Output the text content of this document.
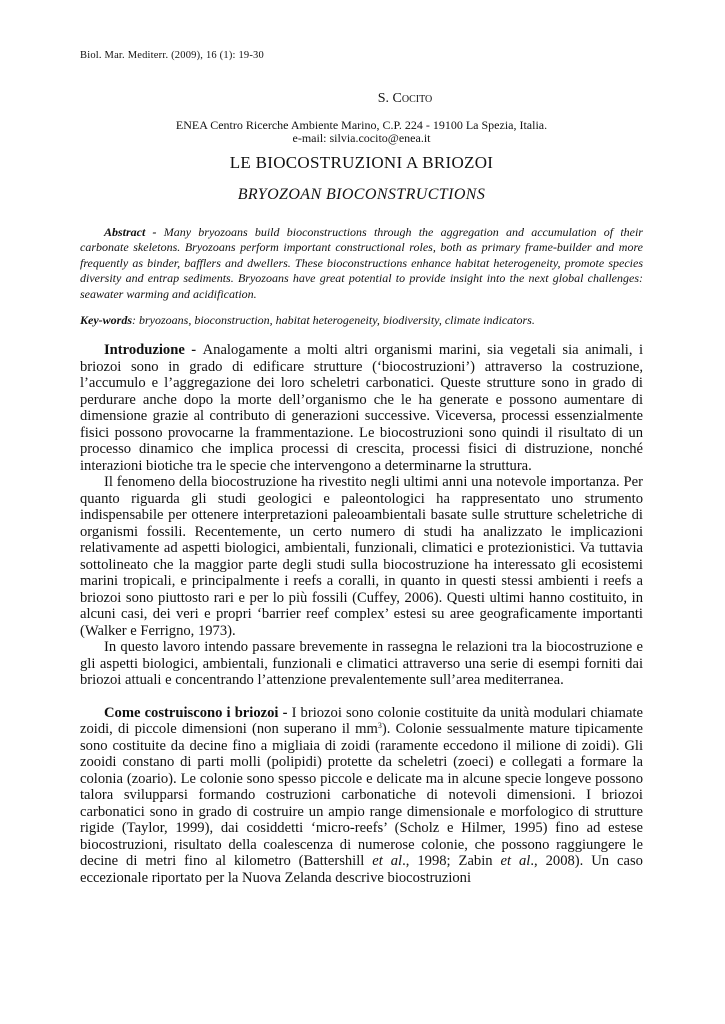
Biol. Mar. Mediterr. (2009), 16 (1): 19-30
S. Cocito
ENEA Centro Ricerche Ambiente Marino, C.P. 224 - 19100 La Spezia, Italia.
e-mail: silvia.cocito@enea.it
LE BIOCOSTRUZIONI A BRIOZOI
BRYOZOAN BIOCONSTRUCTIONS
Abstract - Many bryozoans build bioconstructions through the aggregation and accumulation of their carbonate skeletons. Bryozoans perform important constructional roles, both as primary frame-builder and more frequently as binder, bafflers and dwellers. These bioconstructions enhance habitat heterogeneity, promote species diversity and entrap sediments. Bryozoans have great potential to provide insight into the next global challenges: seawater warming and acidification.
Key-words: bryozoans, bioconstruction, habitat heterogeneity, biodiversity, climate indicators.

Introduzione - Analogamente a molti altri organismi marini, sia vegetali sia animali, i briozoi sono in grado di edificare strutture (‘biocostruzioni’) attraverso la costruzione, l’accumulo e l’aggregazione dei loro scheletri carbonatici. Queste strutture sono in grado di perdurare anche dopo la morte dell’organismo che le ha generate e possono aumentare di dimensione grazie al contributo di generazioni successive. Viceversa, processi essenzialmente fisici possono provocarne la frammentazione. Le biocostruzioni sono quindi il risultato di un processo dinamico che implica processi di crescita, processi fisici di distruzione, nonché interazioni biotiche tra le specie che intervengono a determinarne la struttura.

Il fenomeno della biocostruzione ha rivestito negli ultimi anni una notevole importanza. Per quanto riguarda gli studi geologici e paleontologici ha rappresentato uno strumento indispensabile per ottenere interpretazioni paleoambientali basate sulle strutture scheletriche di organismi fossili. Recentemente, un certo numero di studi ha analizzato le implicazioni relativamente ad aspetti biologici, ambientali, funzionali, climatici e protezionistici. Va tuttavia sottolineato che la maggior parte degli studi sulla biocostruzione ha interessato gli ecosistemi marini tropicali, e principalmente i reefs a coralli, in quanto in questi stessi ambienti i reefs a briozoi sono piuttosto rari e per lo più fossili (Cuffey, 2006). Questi ultimi hanno costituito, in alcuni casi, dei veri e propri ‘barrier reef complex’ estesi su aree geograficamente importanti (Walker e Ferrigno, 1973).

In questo lavoro intendo passare brevemente in rassegna le relazioni tra la biocostruzione e gli aspetti biologici, ambientali, funzionali e climatici attraverso una serie di esempi forniti dai briozoi attuali e concentrando l’attenzione prevalentemente sull’area mediterranea.

Come costruiscono i briozoi - I briozoi sono colonie costituite da unità modulari chiamate zoidi, di piccole dimensioni (non superano il $mm^3$). Colonie sessualmente mature tipicamente sono costituite da decine fino a migliaia di zoidi (raramente eccedono il milione di zoidi). Gli zooidi constano di parti molli (polipidi) protette da scheletri (zoeci) e collegati a formare la colonia (zoario). Le colonie sono spesso piccole e delicate ma in alcune specie longeve possono talora svilupparsi formando costruzioni carbonatiche di notevoli dimensioni. I briozoi carbonatici sono in grado di costruire un ampio range dimensionale e morfologico di strutture rigide (Taylor, 1999), dai cosiddetti ‘micro-reefs’ (Scholz e Hilmer, 1995) fino ad estese biocostruzioni, risultato della coalescenza di numerose colonie, che possono raggiungere le decine di metri fino al kilometro (Battershill et al., 1998; Zabin et al., 2008). Un caso eccezionale riportato per la Nuova Zelanda descrive biocostruzioni
